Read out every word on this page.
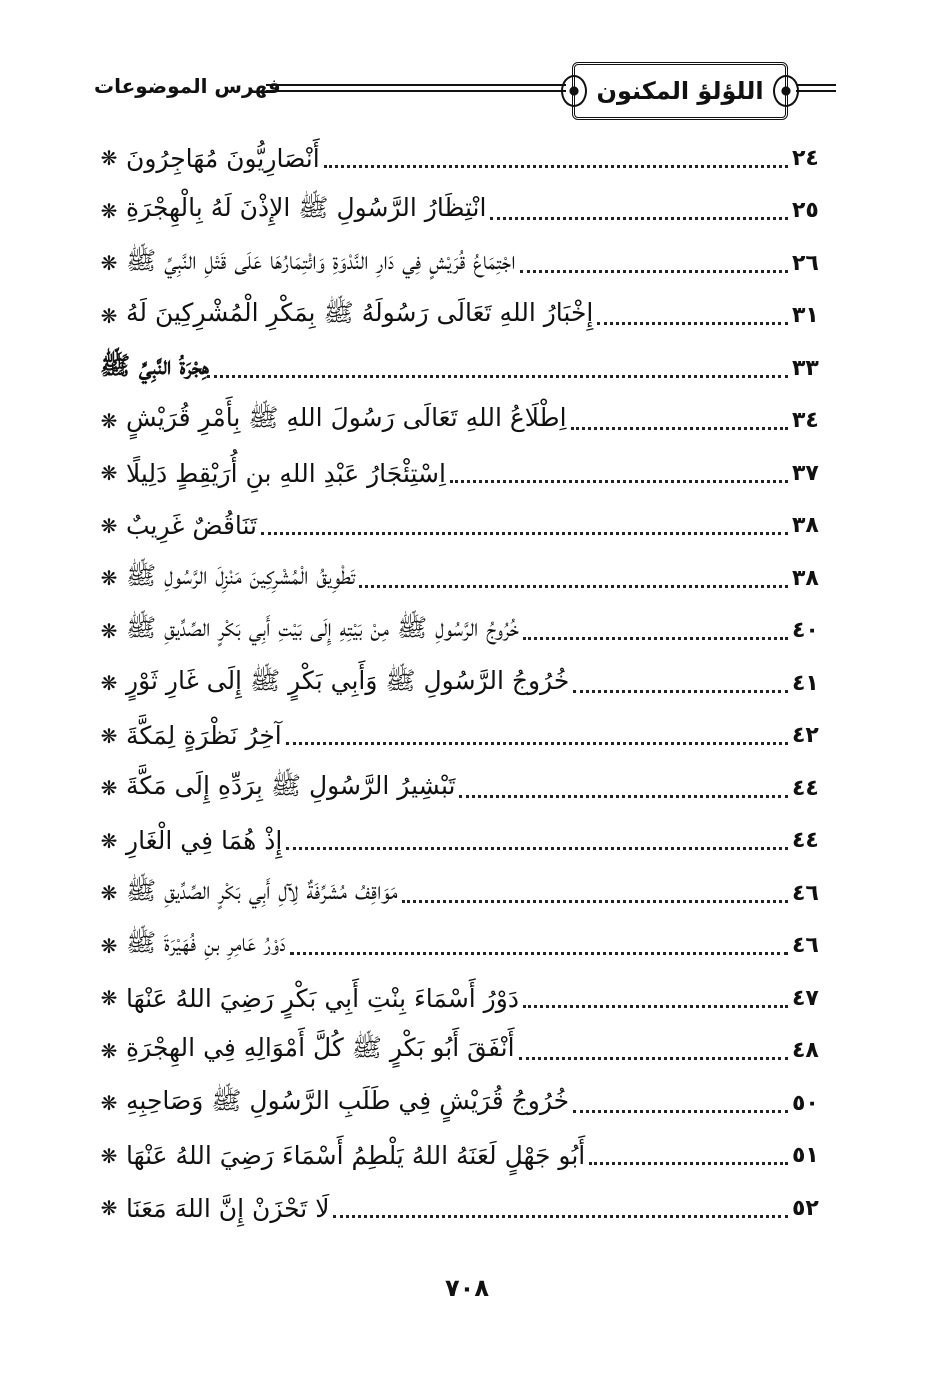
اللؤلؤ المكنون
فهرس الموضوعات
❋ أَنْصَارِيُّونَ مُهَاجِرُونَ	٢٤
❋ انْتِظَارُ الرَّسُولِ ﷺ الإِذْنَ لَهُ بِالْهِجْرَةِ	٢٥
❋ اجْتِمَاعُ قُرَيْشٍ فِي دَارِ النَّدْوَةِ وَائْتِمَارُهَا عَلَى قَتْلِ النَّبِيِّ ﷺ	٢٦
❋ إِخْبَارُ اللهِ تَعَالَى رَسُولَهُ ﷺ بِمَكْرِ الْمُشْرِكِينَ لَهُ	٣١
هِجْرَةُ النَّبِيِّ ﷺ	٣٣
❋ اِطْلَاعُ اللهِ تَعَالَى رَسُولَ اللهِ ﷺ بِأَمْرِ قُرَيْشٍ	٣٤
❋ اِسْتِئْجَارُ عَبْدِ اللهِ بنِ أُرَيْقِطٍ دَلِيلًا	٣٧
❋ تَنَاقُضٌ غَرِيبٌ	٣٨
❋ تَطْوِيقُ الْمُشْرِكِينَ مَنْزِلَ الرَّسُولِ ﷺ	٣٨
❋ خُرُوجُ الرَّسُولِ ﷺ مِنْ بَيْتِهِ إِلَى بَيْتِ أَبِي بَكْرٍ الصِّدِّيقِ ﷺ	٤٠
❋ خُرُوجُ الرَّسُولِ ﷺ وَأَبِي بَكْرٍ ﷺ إِلَى غَارِ ثَوْرٍ	٤١
❋ آخِرُ نَظْرَةٍ لِمَكَّةَ	٤٢
❋ تَبْشِيرُ الرَّسُولِ ﷺ بِرَدِّهِ إِلَى مَكَّةَ	٤٤
❋ إِذْ هُمَا فِي الْغَارِ	٤٤
❋ مَوَاقِفُ مُشَرِّفَةٌ لِآلِ أَبِي بَكْرٍ الصِّدِّيقِ ﷺ	٤٦
❋ دَوْرُ عَامِرِ بنِ فُهَيْرَةَ ﷺ	٤٦
❋ دَوْرُ أَسْمَاءَ بِنْتِ أَبِي بَكْرٍ رَضِيَ اللهُ عَنْهَا	٤٧
❋ أَنْفَقَ أَبُو بَكْرٍ ﷺ كُلَّ أَمْوَالِهِ فِي الهِجْرَةِ	٤٨
❋ خُرُوجُ قُرَيْشٍ فِي طَلَبِ الرَّسُولِ ﷺ وَصَاحِبِهِ	٥٠
❋ أَبُو جَهْلٍ لَعَنَهُ اللهُ يَلْطِمُ أَسْمَاءَ رَضِيَ اللهُ عَنْهَا	٥١
❋ لَا تَحْزَنْ إِنَّ اللهَ مَعَنَا	٥٢
٧٠٨
